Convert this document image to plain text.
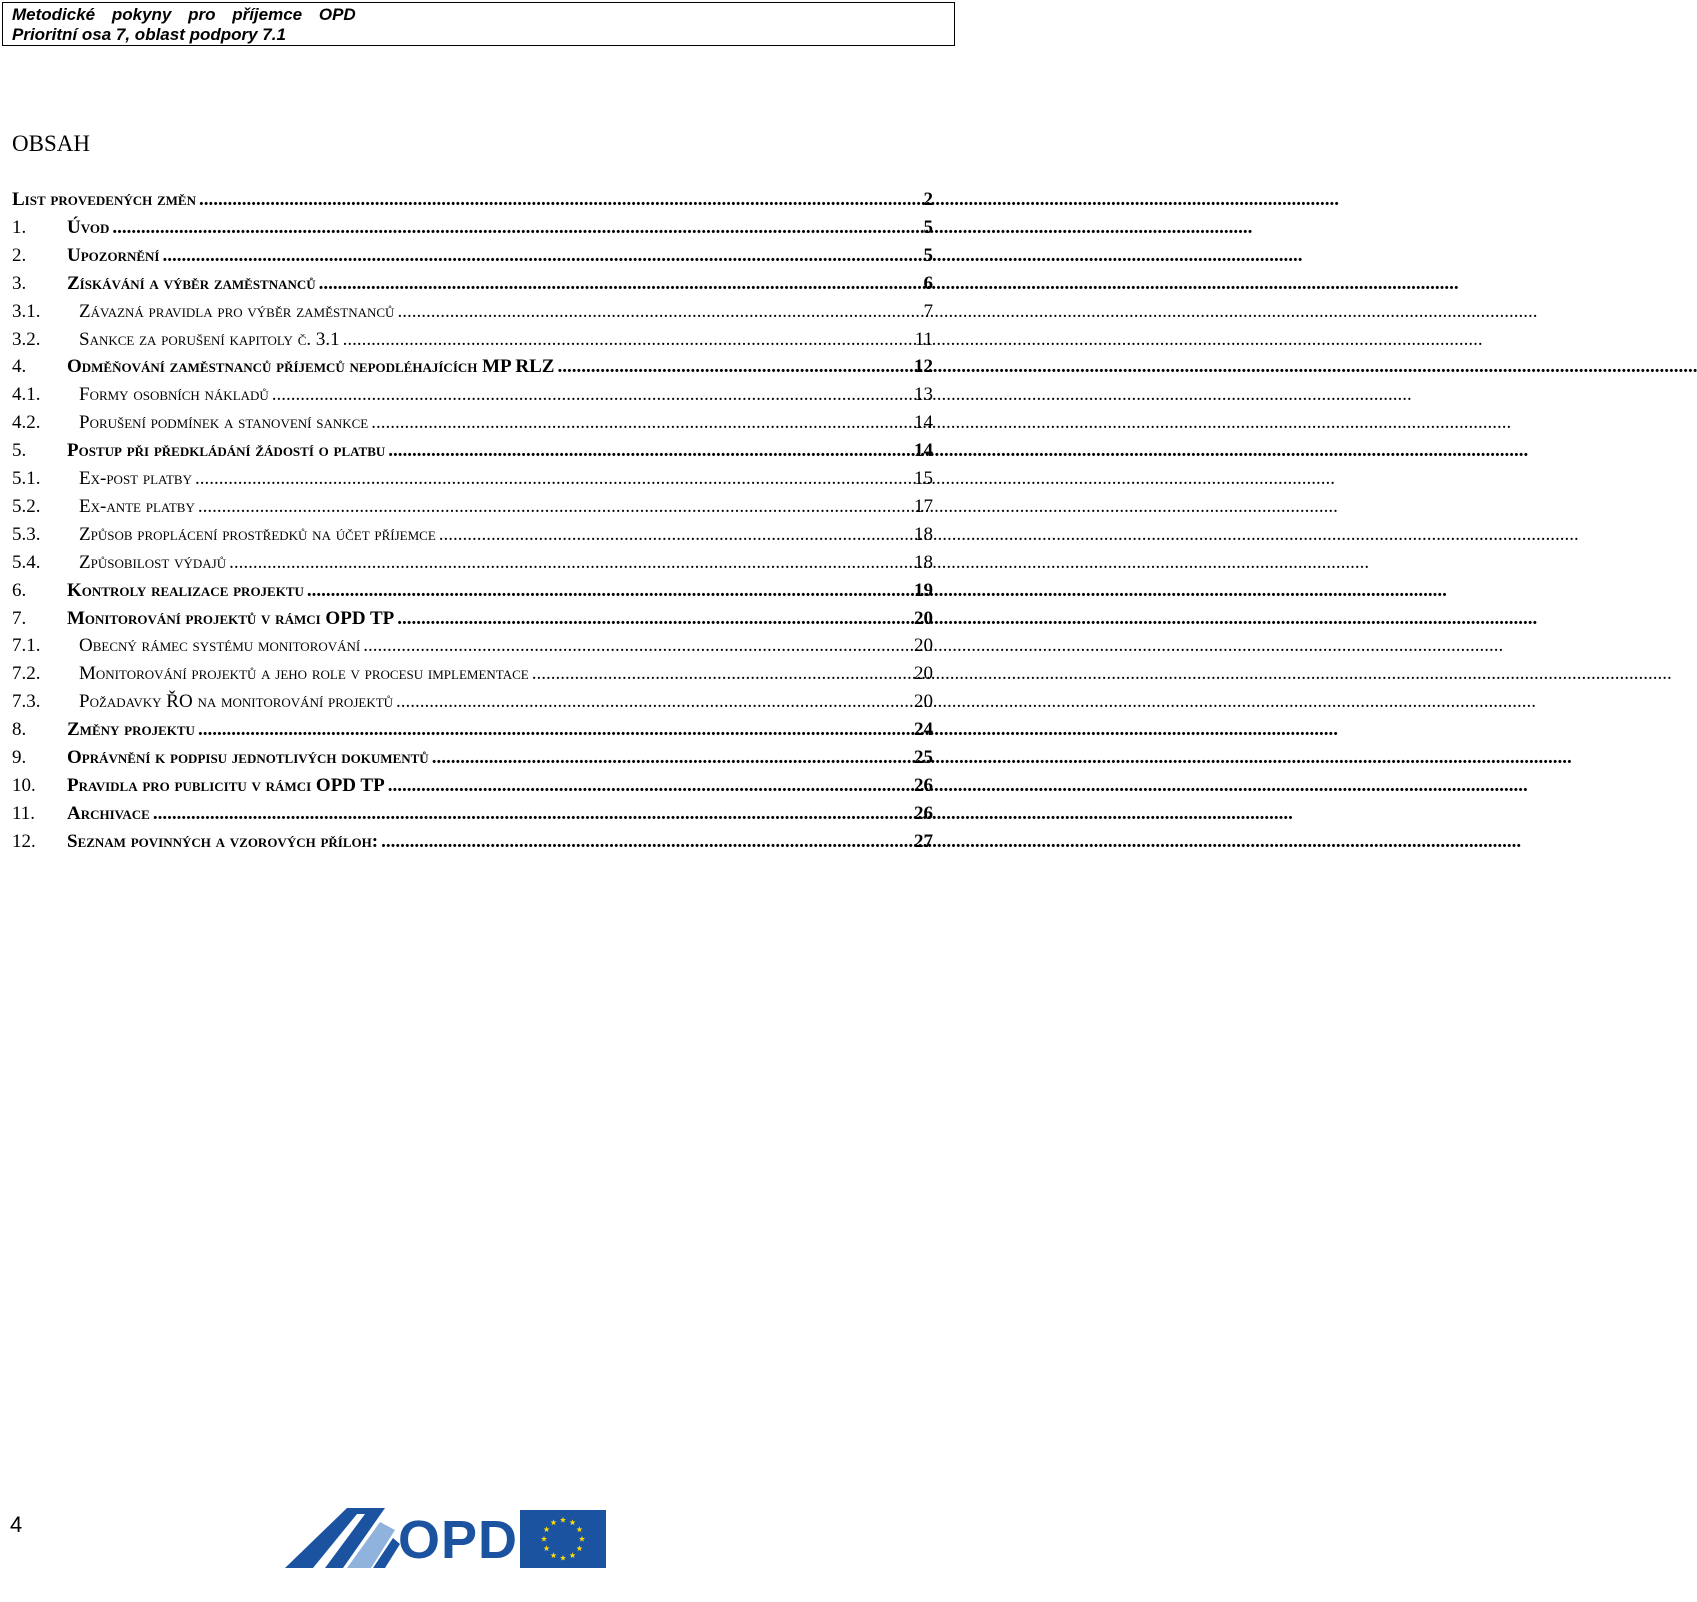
Metodické pokyny pro příjemce OPD
Prioritní osa 7, oblast podpory 7.1
OBSAH
List provedených změn .....	2
1.	Úvod .....	5
2.	Upozornění .....	5
3.	Získávání a výběr zaměstnanců .....	6
3.1.	Závazná pravidla pro výběr zaměstnanců .....	7
3.2.	Sankce za porušení kapitoly č. 3.1 .....	11
4.	Odměňování zaměstnanců příjemců nepodléhajících MP RLZ .....	12
4.1.	Formy osobních nákladů .....	13
4.2.	Porušení podmínek a stanovení sankce .....	14
5.	Postup při předkládání žádostí o platbu .....	14
5.1.	Ex-post platby .....	15
5.2.	Ex-ante platby .....	17
5.3.	Způsob proplácení prostředků na účet příjemce .....	18
5.4.	Způsobilost výdajů .....	18
6.	Kontroly realizace projektu .....	19
7.	Monitorování projektů v rámci OPD TP .....	20
7.1.	Obecný rámec systému monitorování .....	20
7.2.	Monitorování projektů a jeho role v procesu implementace .....	20
7.3.	Požadavky ŘO na monitorování projektů .....	20
8.	Změny projektu .....	24
9.	Oprávnění k podpisu jednotlivých dokumentů .....	25
10.	Pravidla pro publicitu v rámci OPD TP .....	26
11.	Archivace .....	26
12.	Seznam povinných a vzorových příloh: .....	27
4	OPD
